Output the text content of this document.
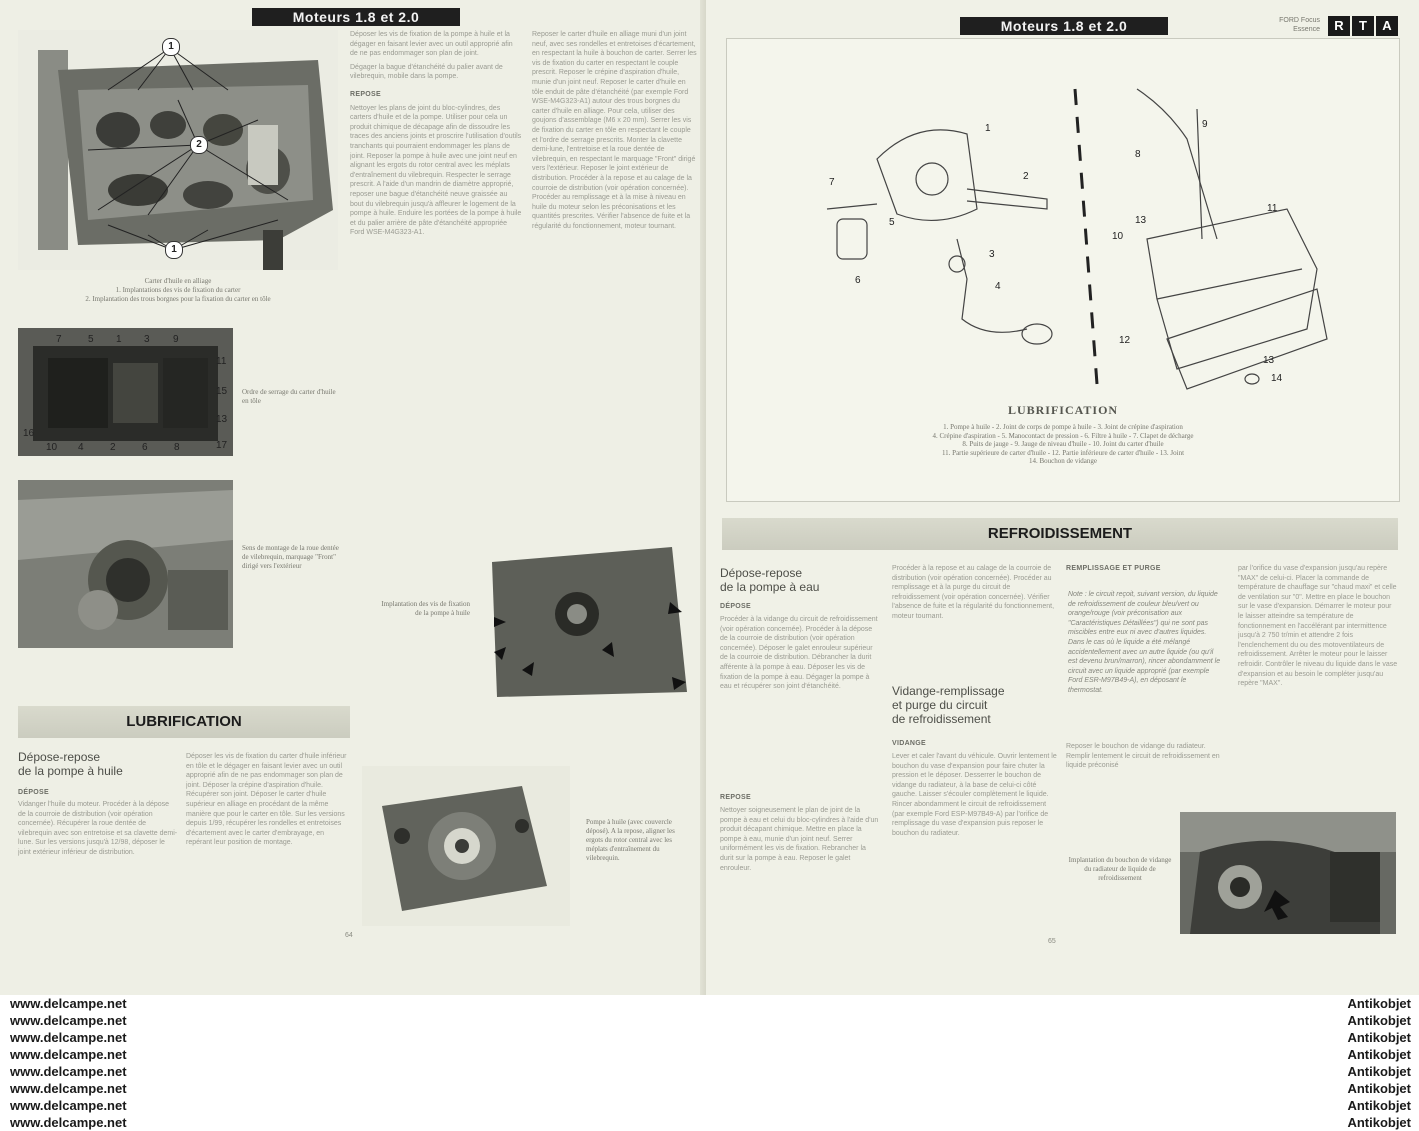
Moteurs 1.8 et 2.0
1
2
1
Carter d'huile en alliage
1. Implantations des vis de fixation du carter
2. Implantation des trous borgnes pour la fixation du carter en tôle
7	5 1 3 9
11
15
13
17
10 4	2	6	8
16
Ordre de serrage du carter d'huile en tôle
Sens de montage de la roue dentée de vilebrequin, marquage "Front" dirigé vers l'extérieur
Déposer les vis de fixation de la pompe à huile et la dégager en faisant levier avec un outil approprié afin de ne pas endommager son plan de joint.
Dégager la bague d'étanchéité du palier avant de vilebrequin, mobile dans la pompe.
REPOSE
Nettoyer les plans de joint du bloc-cylindres, des carters d'huile et de la pompe. Utiliser pour cela un produit chimique de décapage afin de dissoudre les traces des anciens joints et proscrire l'utilisation d'outils tranchants qui pourraient endommager les plans de joint. Reposer la pompe à huile avec une joint neuf en alignant les ergots du rotor central avec les méplats d'entraînement du vilebrequin. Respecter le serrage prescrit. A l'aide d'un mandrin de diamètre approprié, reposer une bague d'étanchéité neuve graissée au bout du vilebrequin jusqu'à affleurer le logement de la pompe à huile. Enduire les portées de la pompe à huile et du palier arrière de pâte d'étanchéité appropriée Ford WSE-M4G323-A1.
Reposer le carter d'huile en alliage muni d'un joint neuf, avec ses rondelles et entretoises d'écartement, en respectant la huile à bouchon de carter. Serrer les vis de fixation du carter en respectant le couple prescrit. Reposer le crépine d'aspiration d'huile, munie d'un joint neuf. Reposer le carter d'huile en tôle enduit de pâte d'étanchéité (par exemple Ford WSE-M4G323-A1) autour des trous borgnes du carter d'huile en alliage. Pour cela, utiliser des goujons d'assemblage (M6 x 20 mm). Serrer les vis de fixation du carter en tôle en respectant le couple et l'ordre de serrage prescrits. Monter la clavette demi-lune, l'entretoise et la roue dentée de vilebrequin, en respectant le marquage "Front" dirigé vers l'extérieur. Reposer le joint extérieur de distribution. Procéder à la repose et au calage de la courroie de distribution (voir opération concernée). Procéder au remplissage et à la mise à niveau en huile du moteur selon les préconisations et les quantités prescrites. Vérifier l'absence de fuite et la régularité du fonctionnement, moteur tournant.
Implantation des vis de fixation de la pompe à huile
LUBRIFICATION
Dépose-repose
de la pompe à huile
DÉPOSE
Vidanger l'huile du moteur. Procéder à la dépose de la courroie de distribution (voir opération concernée). Récupérer la roue dentée de vilebrequin avec son entretoise et sa clavette demi-lune. Sur les versions jusqu'à 12/98, déposer le joint extérieur inférieur de distribution.
Déposer les vis de fixation du carter d'huile inférieur en tôle et le dégager en faisant levier avec un outil approprié afin de ne pas endommager son plan de joint. Déposer la crépine d'aspiration d'huile. Récupérer son joint. Déposer le carter d'huile supérieur en alliage en procédant de la même manière que pour le carter en tôle. Sur les versions depuis 1/99, récupérer les rondelles et entretoises d'écartement avec le carter d'embrayage, en repérant leur position de montage.
Pompe à huile (avec couvercle déposé). A la repose, aligner les ergots du rotor central avec les méplats d'entraînement du vilebrequin.
64
Moteurs 1.8 et 2.0	FORD Focus Essence	R	T	A
1
2
3
4
5
6
7
8
9
10
11
12
13
13
14
LUBRIFICATION
1. Pompe à huile - 2. Joint de corps de pompe à huile - 3. Joint de crépine d'aspiration
4. Crépine d'aspiration - 5. Manocontact de pression - 6. Filtre à huile - 7. Clapet de décharge
8. Puits de jauge - 9. Jauge de niveau d'huile - 10. Joint du carter d'huile
11. Partie supérieure de carter d'huile - 12. Partie inférieure de carter d'huile - 13. Joint
14. Bouchon de vidange
REFROIDISSEMENT
Dépose-repose
de la pompe à eau
DÉPOSE
Procéder à la vidange du circuit de refroidissement (voir opération concernée). Procéder à la dépose de la courroie de distribution (voir opération concernée). Déposer le galet enrouleur supérieur de la courroie de distribution. Débrancher la durit afférente à la pompe à eau. Déposer les vis de fixation de la pompe à eau. Dégager la pompe à eau et récupérer son joint d'étanchéité.
REPOSE
Nettoyer soigneusement le plan de joint de la pompe à eau et celui du bloc-cylindres à l'aide d'un produit décapant chimique. Mettre en place la pompe à eau, munie d'un joint neuf. Serrer uniformément les vis de fixation. Rebrancher la durit sur la pompe à eau. Reposer le galet enrouleur.
Procéder à la repose et au calage de la courroie de distribution (voir opération concernée). Procéder au remplissage et à la purge du circuit de refroidissement (voir opération concernée). Vérifier l'absence de fuite et la régularité du fonctionnement, moteur tournant.
Vidange-remplissage
et purge du circuit
de refroidissement
VIDANGE
Lever et caler l'avant du véhicule. Ouvrir lentement le bouchon du vase d'expansion pour faire chuter la pression et le déposer. Desserrer le bouchon de vidange du radiateur, à la base de celui-ci côté gauche. Laisser s'écouler complètement le liquide. Rincer abondamment le circuit de refroidissement (par exemple Ford ESP-M97B49-A) par l'orifice de remplissage du vase d'expansion puis reposer le bouchon du radiateur.
REMPLISSAGE ET PURGE
Note : le circuit reçoit, suivant version, du liquide de refroidissement de couleur bleu/vert ou orange/rouge (voir préconisation aux "Caractéristiques Détaillées") qui ne sont pas miscibles entre eux ni avec d'autres liquides. Dans le cas où le liquide a été mélangé accidentellement avec un autre liquide (ou qu'il est devenu brun/marron), rincer abondamment le circuit avec un liquide approprié (par exemple Ford ESR-M97B49-A), en déposant le thermostat.
Reposer le bouchon de vidange du radiateur. Remplir lentement le circuit de refroidissement en liquide préconisé
par l'orifice du vase d'expansion jusqu'au repère "MAX" de celui-ci. Placer la commande de température de chauffage sur "chaud maxi" et celle de ventilation sur "0". Mettre en place le bouchon sur le vase d'expansion. Démarrer le moteur pour le laisser atteindre sa température de fonctionnement en l'accélérant par intermittence jusqu'à 2 750 tr/min et attendre 2 fois l'enclenchement du ou des motoventilateurs de refroidissement. Arrêter le moteur pour le laisser refroidir. Contrôler le niveau du liquide dans le vase d'expansion et au besoin le compléter jusqu'au repère "MAX".
Implantation du bouchon de vidange du radiateur de liquide de refroidissement
65
www.delcampe.net
www.delcampe.net
www.delcampe.net
www.delcampe.net
www.delcampe.net
www.delcampe.net
www.delcampe.net
www.delcampe.net
Antikobjet
Antikobjet
Antikobjet
Antikobjet
Antikobjet
Antikobjet
Antikobjet
Antikobjet
